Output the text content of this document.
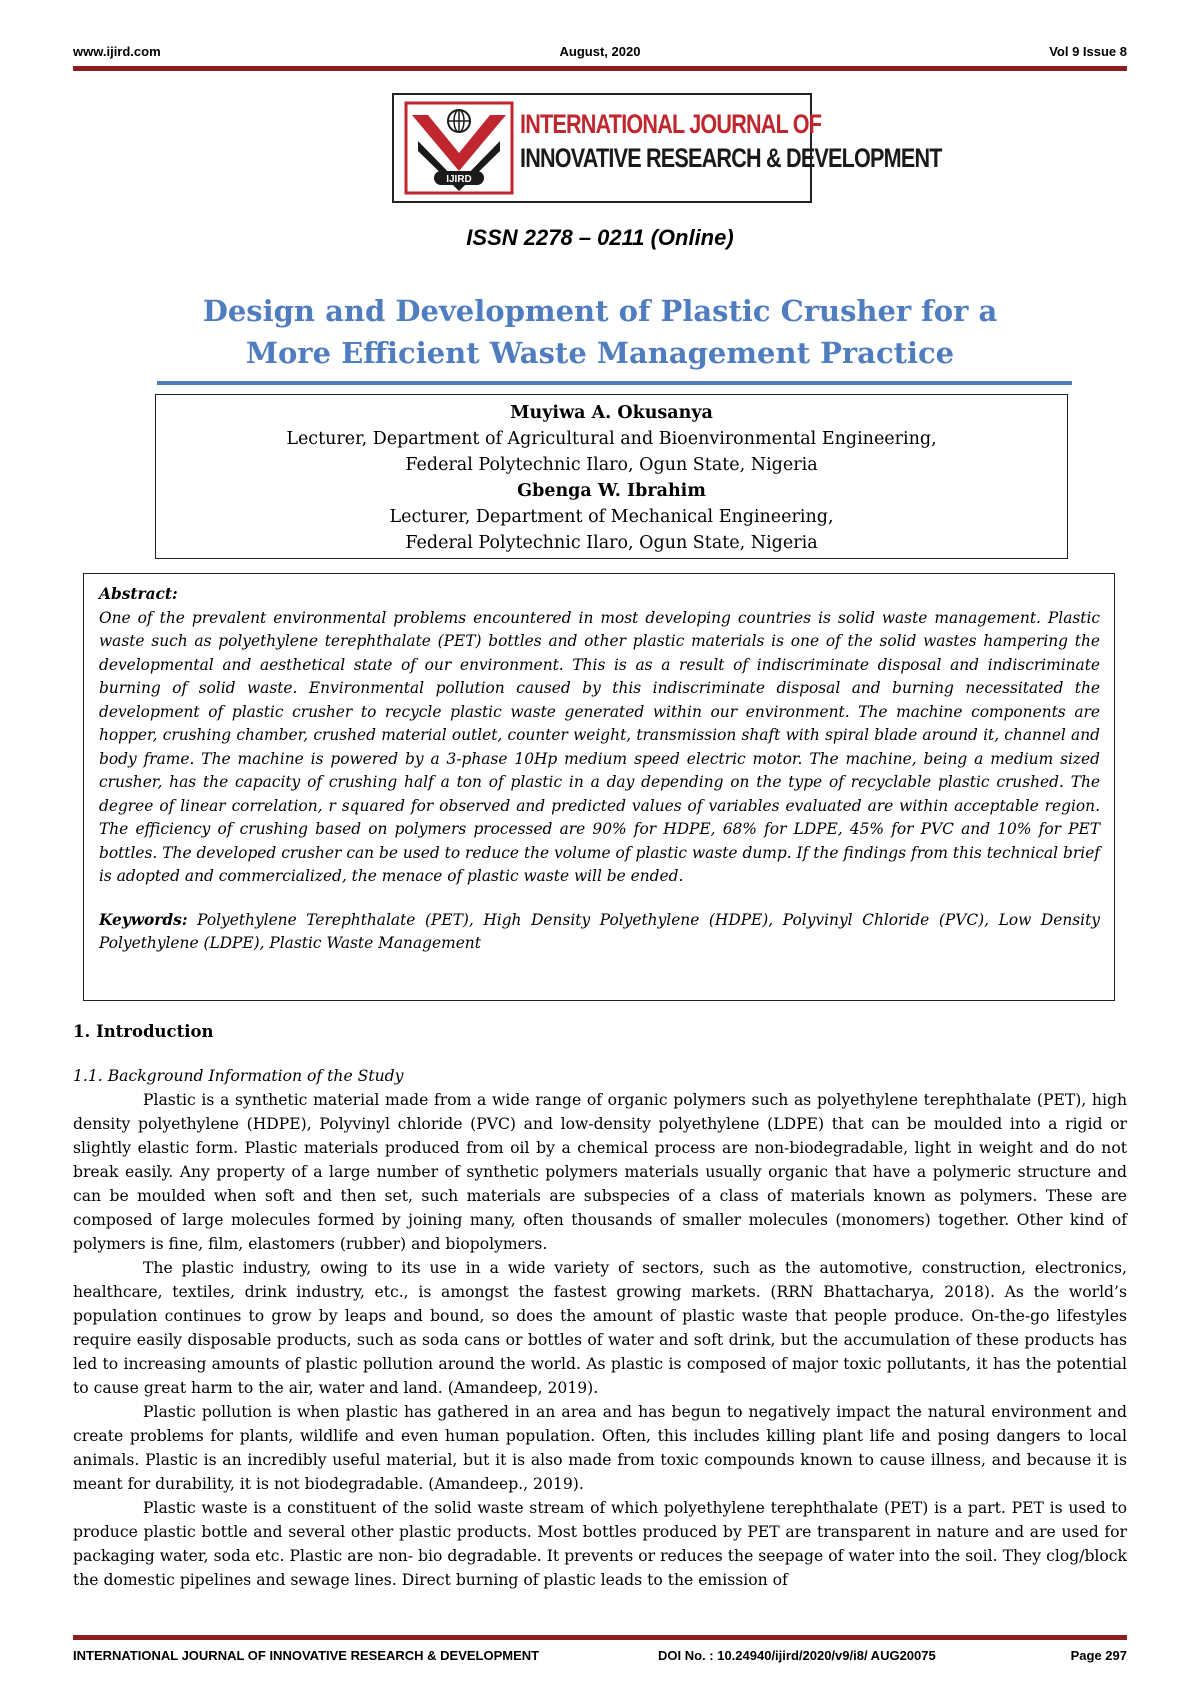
www.ijird.com	August, 2020	Vol 9 Issue 8
IJIRD
INTERNATIONAL JOURNAL OF
INNOVATIVE RESEARCH & DEVELOPMENT
ISSN 2278 – 0211 (Online)
Design and Development of Plastic Crusher for a
More Efficient Waste Management Practice
Muyiwa A. Okusanya
Lecturer, Department of Agricultural and Bioenvironmental Engineering,
Federal Polytechnic Ilaro, Ogun State, Nigeria
Gbenga W. Ibrahim
Lecturer, Department of Mechanical Engineering,
Federal Polytechnic Ilaro, Ogun State, Nigeria
Abstract:
One of the prevalent environmental problems encountered in most developing countries is solid waste management. Plastic waste such as polyethylene terephthalate (PET) bottles and other plastic materials is one of the solid wastes hampering the developmental and aesthetical state of our environment. This is as a result of indiscriminate disposal and indiscriminate burning of solid waste. Environmental pollution caused by this indiscriminate disposal and burning necessitated the development of plastic crusher to recycle plastic waste generated within our environment. The machine components are hopper, crushing chamber, crushed material outlet, counter weight, transmission shaft with spiral blade around it, channel and body frame. The machine is powered by a 3-phase 10Hp medium speed electric motor. The machine, being a medium sized crusher, has the capacity of crushing half a ton of plastic in a day depending on the type of recyclable plastic crushed. The degree of linear correlation, r squared for observed and predicted values of variables evaluated are within acceptable region. The efficiency of crushing based on polymers processed are 90% for HDPE, 68% for LDPE, 45% for PVC and 10% for PET bottles. The developed crusher can be used to reduce the volume of plastic waste dump. If the findings from this technical brief is adopted and commercialized, the menace of plastic waste will be ended.
Keywords: Polyethylene Terephthalate (PET), High Density Polyethylene (HDPE), Polyvinyl Chloride (PVC), Low Density Polyethylene (LDPE), Plastic Waste Management

1. Introduction

1.1. Background Information of the Study

Plastic is a synthetic material made from a wide range of organic polymers such as polyethylene terephthalate (PET), high density polyethylene (HDPE), Polyvinyl chloride (PVC) and low-density polyethylene (LDPE) that can be moulded into a rigid or slightly elastic form. Plastic materials produced from oil by a chemical process are non-biodegradable, light in weight and do not break easily. Any property of a large number of synthetic polymers materials usually organic that have a polymeric structure and can be moulded when soft and then set, such materials are subspecies of a class of materials known as polymers. These are composed of large molecules formed by joining many, often thousands of smaller molecules (monomers) together. Other kind of polymers is fine, film, elastomers (rubber) and biopolymers.

The plastic industry, owing to its use in a wide variety of sectors, such as the automotive, construction, electronics, healthcare, textiles, drink industry, etc., is amongst the fastest growing markets. (RRN Bhattacharya, 2018). As the world’s population continues to grow by leaps and bound, so does the amount of plastic waste that people produce. On-the-go lifestyles require easily disposable products, such as soda cans or bottles of water and soft drink, but the accumulation of these products has led to increasing amounts of plastic pollution around the world. As plastic is composed of major toxic pollutants, it has the potential to cause great harm to the air, water and land. (Amandeep, 2019).

Plastic pollution is when plastic has gathered in an area and has begun to negatively impact the natural environment and create problems for plants, wildlife and even human population. Often, this includes killing plant life and posing dangers to local animals. Plastic is an incredibly useful material, but it is also made from toxic compounds known to cause illness, and because it is meant for durability, it is not biodegradable. (Amandeep., 2019).

Plastic waste is a constituent of the solid waste stream of which polyethylene terephthalate (PET) is a part. PET is used to produce plastic bottle and several other plastic products. Most bottles produced by PET are transparent in nature and are used for packaging water, soda etc. Plastic are non- bio degradable. It prevents or reduces the seepage of water into the soil. They clog/block the domestic pipelines and sewage lines. Direct burning of plastic leads to the emission of

INTERNATIONAL JOURNAL OF INNOVATIVE RESEARCH & DEVELOPMENT	DOI No. : 10.24940/ijird/2020/v9/i8/ AUG20075	Page 297
